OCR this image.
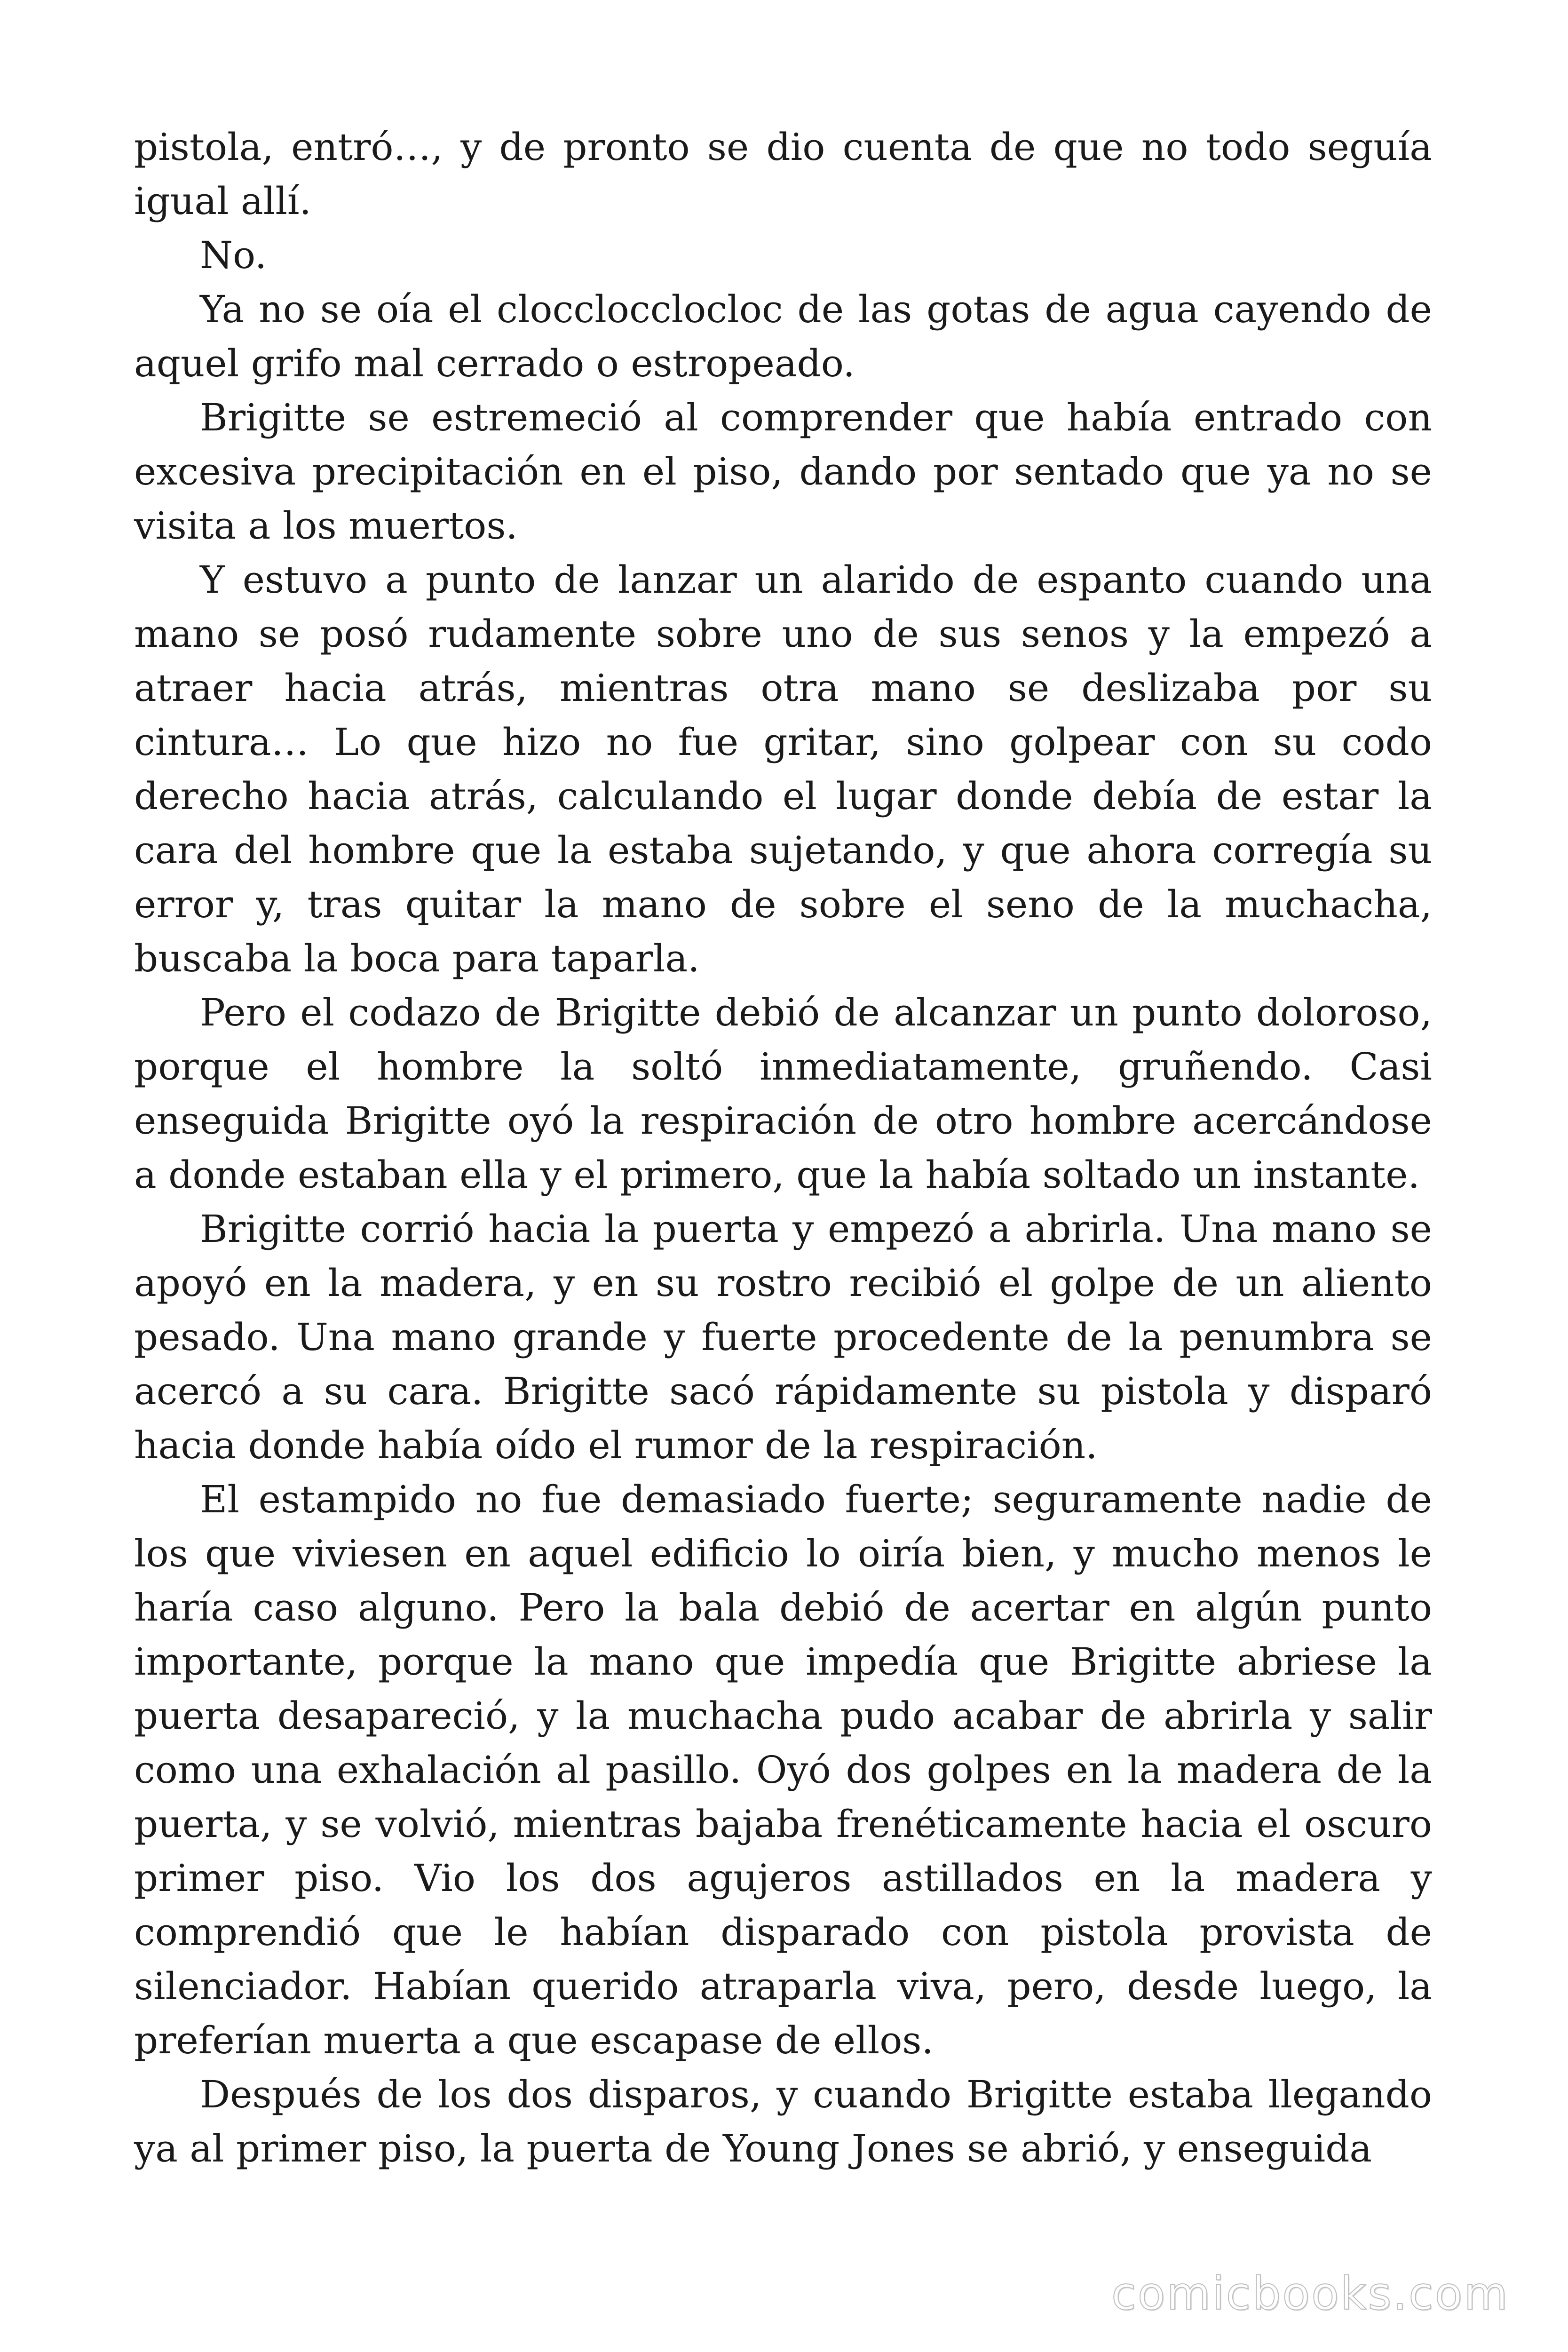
pistola, entró…, y de pronto se dio cuenta de que no todo seguía igual allí.

No.

Ya no se oía el clocclocclocloc de las gotas de agua cayendo de aquel grifo mal cerrado o estropeado.

Brigitte se estremeció al comprender que había entrado con excesiva precipitación en el piso, dando por sentado que ya no se visita a los muertos.

Y estuvo a punto de lanzar un alarido de espanto cuando una mano se posó rudamente sobre uno de sus senos y la empezó a atraer hacia atrás, mientras otra mano se deslizaba por su cintura… Lo que hizo no fue gritar, sino golpear con su codo derecho hacia atrás, calculando el lugar donde debía de estar la cara del hombre que la estaba sujetando, y que ahora corregía su error y, tras quitar la mano de sobre el seno de la muchacha, buscaba la boca para taparla.

Pero el codazo de Brigitte debió de alcanzar un punto doloroso, porque el hombre la soltó inmediatamente, gruñendo. Casi enseguida Brigitte oyó la respiración de otro hombre acercándose a donde estaban ella y el primero, que la había soltado un instante.

Brigitte corrió hacia la puerta y empezó a abrirla. Una mano se apoyó en la madera, y en su rostro recibió el golpe de un aliento pesado. Una mano grande y fuerte procedente de la penumbra se acercó a su cara. Brigitte sacó rápidamente su pistola y disparó hacia donde había oído el rumor de la respiración.

El estampido no fue demasiado fuerte; seguramente nadie de los que viviesen en aquel edificio lo oiría bien, y mucho menos le haría caso alguno. Pero la bala debió de acertar en algún punto importante, porque la mano que impedía que Brigitte abriese la puerta desapareció, y la muchacha pudo acabar de abrirla y salir como una exhalación al pasillo. Oyó dos golpes en la madera de la puerta, y se volvió, mientras bajaba frenéticamente hacia el oscuro primer piso. Vio los dos agujeros astillados en la madera y comprendió que le habían disparado con pistola provista de silenciador. Habían querido atraparla viva, pero, desde luego, la preferían muerta a que escapase de ellos.

Después de los dos disparos, y cuando Brigitte estaba llegando ya al primer piso, la puerta de Young Jones se abrió, y enseguida

comicbooks.com
